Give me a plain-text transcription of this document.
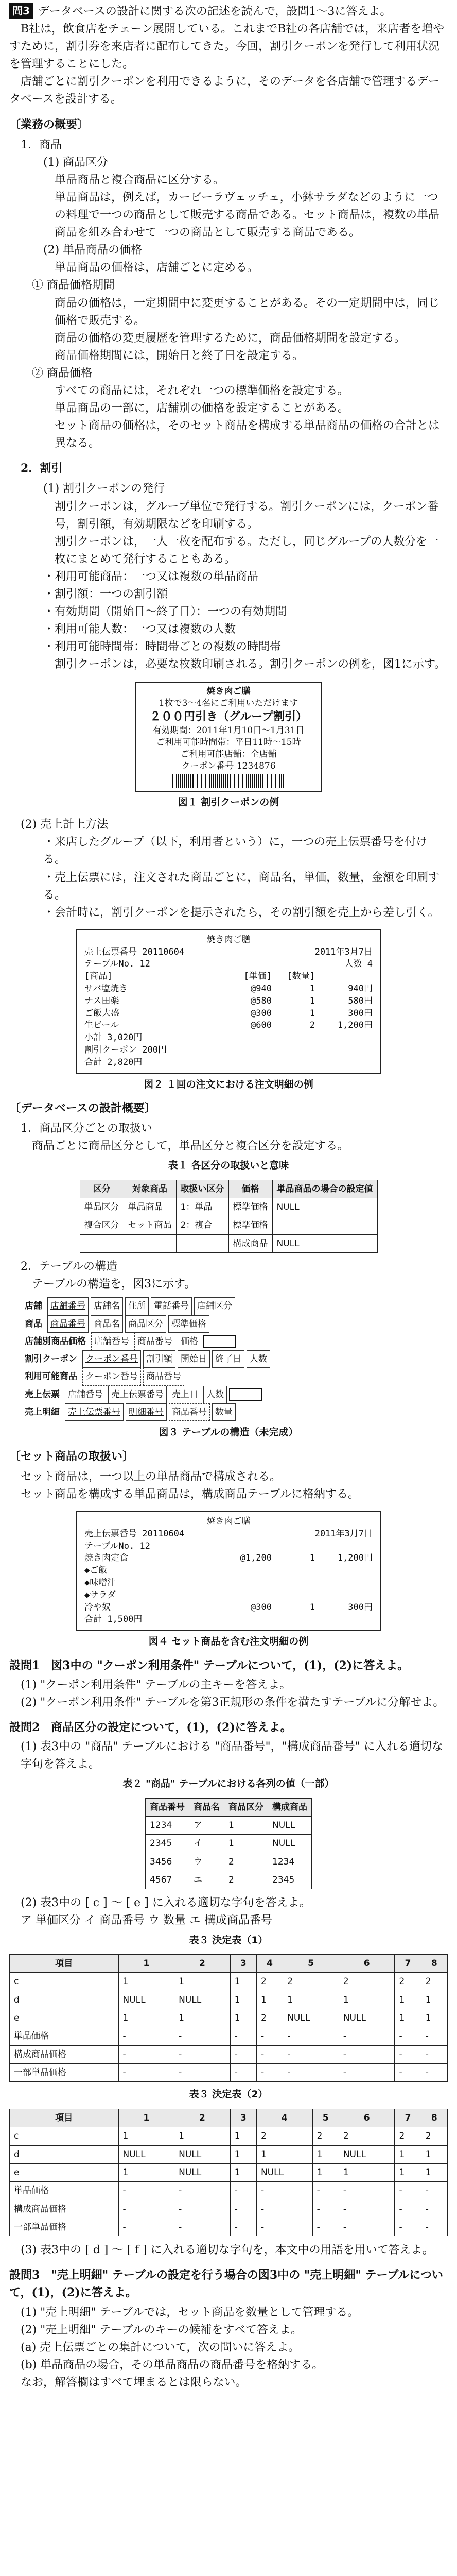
問3 データベースの設計に関する次の記述を読んで，設問1～3に答えよ。

B社は，飲食店をチェーン展開している。これまでB社の各店舗では，来店者を増やすために，割引券を来店者に配布してきた。今回，割引クーポンを発行して利用状況を管理することにした。

店舗ごとに割引クーポンを利用できるように，そのデータを各店舗で管理するデータベースを設計する。

〔業務の概要〕
1．商品
(1) 商品区分
単品商品と複合商品に区分する。
単品商品は，例えば，カービーラヴェッチェ，小鉢サラダなどのように一つの料理で一つの商品として販売する商品である。セット商品は，複数の単品商品を組み合わせて一つの商品として販売する商品である。
(2) 単品商品の価格
単品商品の価格は，店舗ごとに定める。
① 商品価格期間
商品の価格は，一定期間中に変更することがある。その一定期間中は，同じ価格で販売する。
商品の価格の変更履歴を管理するために，商品価格期間を設定する。
商品価格期間には，開始日と終了日を設定する。
② 商品価格
すべての商品には，それぞれ一つの標準価格を設定する。
単品商品の一部に，店舗別の価格を設定することがある。
セット商品の価格は，そのセット商品を構成する単品商品の価格の合計とは異なる。
2．割引
(1) 割引クーポンの発行
割引クーポンは，グループ単位で発行する。割引クーポンには，クーポン番号，割引額，有効期限などを印刷する。
割引クーポンは，一人一枚を配布する。ただし，同じグループの人数分を一枚にまとめて発行することもある。
・利用可能商品：一つ又は複数の単品商品
・割引額：一つの割引額
・有効期間（開始日～終了日）：一つの有効期間
・利用可能人数：一つ又は複数の人数
・利用可能時間帯：時間帯ごとの複数の時間帯
割引クーポンは，必要な枚数印刷される。割引クーポンの例を，図1に示す。
焼き肉ご膳
1枚で3～4名にご利用いただけます
２００円引き（グループ割引）
有効期間：2011年1月10日～1月31日
ご利用可能時間帯：平日11時～15時
ご利用可能店舗：全店舗
クーポン番号 1234876
図１ 割引クーポンの例
(2) 売上計上方法
・来店したグループ（以下，利用者という）に，一つの売上伝票番号を付ける。
・売上伝票には，注文された商品ごとに，商品名，単価，数量，金額を印刷する。
・会計時に，割引クーポンを提示されたら，その割引額を売上から差し引く。
焼き肉ご膳
売上伝票番号 20110604	2011年3月7日
テーブルNo. 12	人数 4
[商品]	[単価]	[数量]
サバ塩焼き	@940	1	940円
ナス田楽	@580	1	580円
ご飯大盛	@300	1	300円
生ビール	@600	2	1,200円
小計 3,020円
割引クーポン 200円
合計 2,820円
図２ １回の注文における注文明細の例
〔データベースの設計概要〕
1．商品区分ごとの取扱い
商品ごとに商品区分として，単品区分と複合区分を設定する。
表１ 各区分の取扱いと意味
区分	対象商品	取扱い区分	価格	単品商品の場合の設定値
単品区分	単品商品	1：単品	標準価格	NULL
複合区分	セット商品	2：複合	標準価格	
			構成商品	NULL
2．テーブルの構造
テーブルの構造を，図3に示す。
店舗 店舗番号 店舗名 住所 電話番号 店舗区分
商品 商品番号 商品名 商品区分 標準価格
店舗別商品価格 店舗番号 商品番号 価格
割引クーポン クーポン番号 割引額 開始日 終了日 人数
利用可能商品 クーポン番号 商品番号
売上伝票 店舗番号 売上伝票番号 売上日 人数
売上明細 売上伝票番号 明細番号 商品番号 数量
図３ テーブルの構造（未完成）
〔セット商品の取扱い〕
セット商品は，一つ以上の単品商品で構成される。
セット商品を構成する単品商品は，構成商品テーブルに格納する。
焼き肉ご膳
売上伝票番号 20110604	2011年3月7日
テーブルNo. 12
焼き肉定食	@1,200	1	1,200円
◆ご飯
◆味噌汁
◆サラダ
冷や奴	@300	1	300円
合計 1,500円
図４ セット商品を含む注文明細の例
設問1　図3中の "クーポン利用条件" テーブルについて，(1)，(2)に答えよ。
(1) "クーポン利用条件" テーブルの主キーを答えよ。
(2) "クーポン利用条件" テーブルを第3正規形の条件を満たすテーブルに分解せよ。
設問2　商品区分の設定について，(1)，(2)に答えよ。
(1) 表3中の "商品" テーブルにおける "商品番号"，"構成商品番号" に入れる適切な字句を答えよ。
表２ "商品" テーブルにおける各列の値（一部）
商品番号	商品名	商品区分	構成商品
1234	ア	1	NULL
2345	イ	1	NULL
3456	ウ	2	1234
4567	エ	2	2345
(2) 表3中の [ c ] ～ [ e ] に入れる適切な字句を答えよ。
ア 単価区分 イ 商品番号 ウ 数量 エ 構成商品番号
表３ 決定表（1）
項目	1	2	3	4	5	6	7	8
c	1	1	1	2	2	2	2	2
d	NULL	NULL	1	1	1	1	1	1
e	1	1	1	2	NULL	NULL	1	1
単品価格	-	-	-	-	-	-	-	-
構成商品価格	-	-	-	-	-	-	-	-
一部単品価格	-	-	-	-	-	-	-	-
表３ 決定表（2）
項目	1	2	3	4	5	6	7	8
c	1	1	1	2	2	2	2	2
d	NULL	NULL	1	1	1	NULL	1	1
e	1	NULL	1	NULL	1	1	1	1
単品価格	-	-	-	-	-	-	-	-
構成商品価格	-	-	-	-	-	-	-	-
一部単品価格	-	-	-	-	-	-	-	-
(3) 表3中の [ d ] ～ [ f ] に入れる適切な字句を，本文中の用語を用いて答えよ。
設問3　"売上明細" テーブルの設定を行う場合の図3中の "売上明細" テーブルについて，(1)，(2)に答えよ。
(1) "売上明細" テーブルでは，セット商品を数量として管理する。
(2) "売上明細" テーブルのキーの候補をすべて答えよ。
(a) 売上伝票ごとの集計について，次の問いに答えよ。
(b) 単品商品の場合，その単品商品の商品番号を格納する。
なお，解答欄はすべて埋まるとは限らない。
